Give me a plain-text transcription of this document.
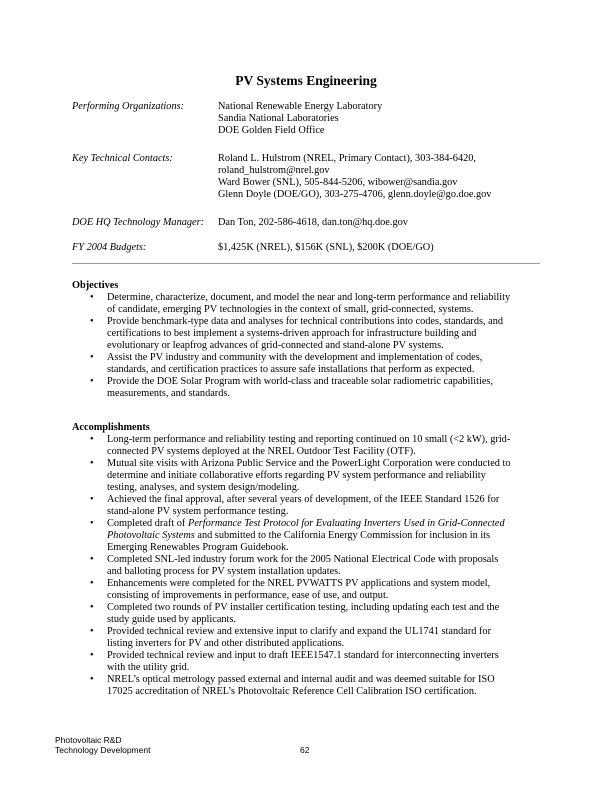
PV Systems Engineering
Performing Organizations:	National Renewable Energy Laboratory
Sandia National Laboratories
DOE Golden Field Office
Key Technical Contacts:	Roland L. Hulstrom (NREL, Primary Contact), 303-384-6420,
roland_hulstrom@nrel.gov
Ward Bower (SNL), 505-844-5206, wibower@sandia.gov
Glenn Doyle (DOE/GO), 303-275-4706, glenn.doyle@go.doe.gov
DOE HQ Technology Manager: Dan Ton, 202-586-4618, dan.ton@hq.doe.gov
FY 2004 Budgets:	$1,425K (NREL), $156K (SNL), $200K (DOE/GO)
Objectives
• Determine, characterize, document, and model the near and long-term performance and reliability
of candidate, emerging PV technologies in the context of small, grid-connected, systems.
• Provide benchmark-type data and analyses for technical contributions into codes, standards, and
certifications to best implement a systems-driven approach for infrastructure building and
evolutionary or leapfrog advances of grid-connected and stand-alone PV systems.
• Assist the PV industry and community with the development and implementation of codes,
standards, and certification practices to assure safe installations that perform as expected.
• Provide the DOE Solar Program with world-class and traceable solar radiometric capabilities,
measurements, and standards.
Accomplishments
• Long-term performance and reliability testing and reporting continued on 10 small (<2 kW), grid-
connected PV systems deployed at the NREL Outdoor Test Facility (OTF).
• Mutual site visits with Arizona Public Service and the PowerLight Corporation were conducted to
determine and initiate collaborative efforts regarding PV system performance and reliability
testing, analyses, and system design/modeling.
• Achieved the final approval, after several years of development, of the IEEE Standard 1526 for
stand-alone PV system performance testing.
• Completed draft of Performance Test Protocol for Evaluating Inverters Used in Grid-Connected
Photovoltaic Systems and submitted to the California Energy Commission for inclusion in its
Emerging Renewables Program Guidebook.
• Completed SNL-led industry forum work for the 2005 National Electrical Code with proposals
and balloting process for PV system installation updates.
• Enhancements were completed for the NREL PVWATTS PV applications and system model,
consisting of improvements in performance, ease of use, and output.
• Completed two rounds of PV installer certification testing, including updating each test and the
study guide used by applicants.
• Provided technical review and extensive input to clarify and expand the UL1741 standard for
listing inverters for PV and other distributed applications.
• Provided technical review and input to draft IEEE1547.1 standard for interconnecting inverters
with the utility grid.
• NREL’s optical metrology passed external and internal audit and was deemed suitable for ISO
17025 accreditation of NREL’s Photovoltaic Reference Cell Calibration ISO certification.
Photovoltaic R&D
Technology Development	62
